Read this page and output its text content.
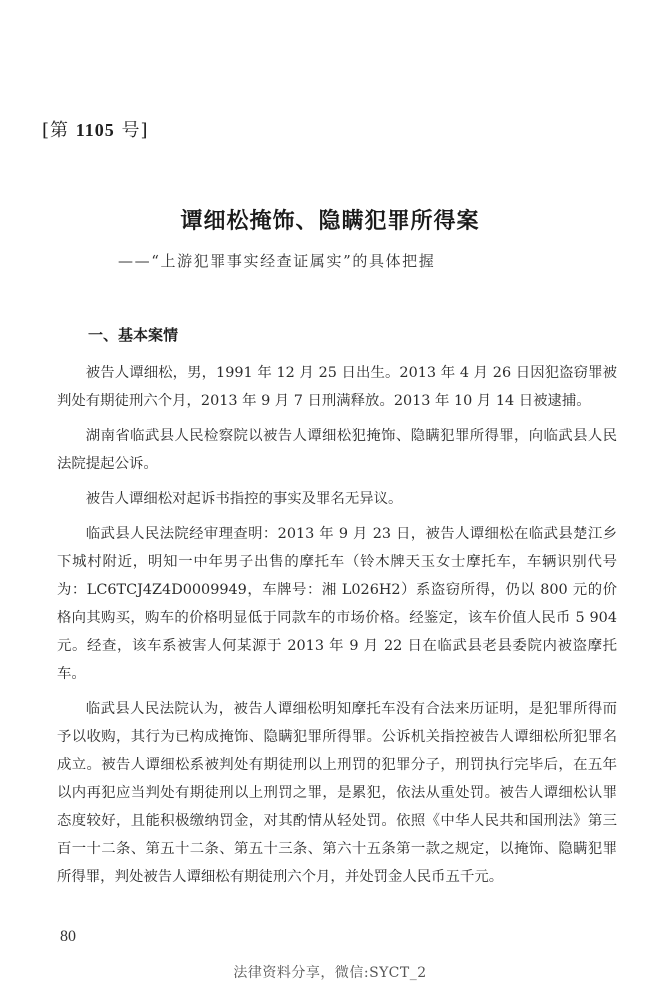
[第 1105 号]
谭细松掩饰、隐瞒犯罪所得案
——“上游犯罪事实经查证属实”的具体把握
一、基本案情

被告人谭细松，男，1991 年 12 月 25 日出生。2013 年 4 月 26 日因犯盗窃罪被判处有期徒刑六个月，2013 年 9 月 7 日刑满释放。2013 年 10 月 14 日被逮捕。

湖南省临武县人民检察院以被告人谭细松犯掩饰、隐瞒犯罪所得罪，向临武县人民法院提起公诉。

被告人谭细松对起诉书指控的事实及罪名无异议。

临武县人民法院经审理查明：2013 年 9 月 23 日，被告人谭细松在临武县楚江乡下城村附近，明知一中年男子出售的摩托车（铃木牌天玉女士摩托车，车辆识别代号为：LC6TCJ4Z4D0009949，车牌号：湘 L026H2）系盗窃所得，仍以 800 元的价格向其购买，购车的价格明显低于同款车的市场价格。经鉴定，该车价值人民币 5 904 元。经查，该车系被害人何某源于 2013 年 9 月 22 日在临武县老县委院内被盗摩托车。

临武县人民法院认为，被告人谭细松明知摩托车没有合法来历证明，是犯罪所得而予以收购，其行为已构成掩饰、隐瞒犯罪所得罪。公诉机关指控被告人谭细松所犯罪名成立。被告人谭细松系被判处有期徒刑以上刑罚的犯罪分子，刑罚执行完毕后，在五年以内再犯应当判处有期徒刑以上刑罚之罪，是累犯，依法从重处罚。被告人谭细松认罪态度较好，且能积极缴纳罚金，对其酌情从轻处罚。依照《中华人民共和国刑法》第三百一十二条、第五十二条、第五十三条、第六十五条第一款之规定，以掩饰、隐瞒犯罪所得罪，判处被告人谭细松有期徒刑六个月，并处罚金人民币五千元。

80
法律资料分享，微信:SYCT_2
